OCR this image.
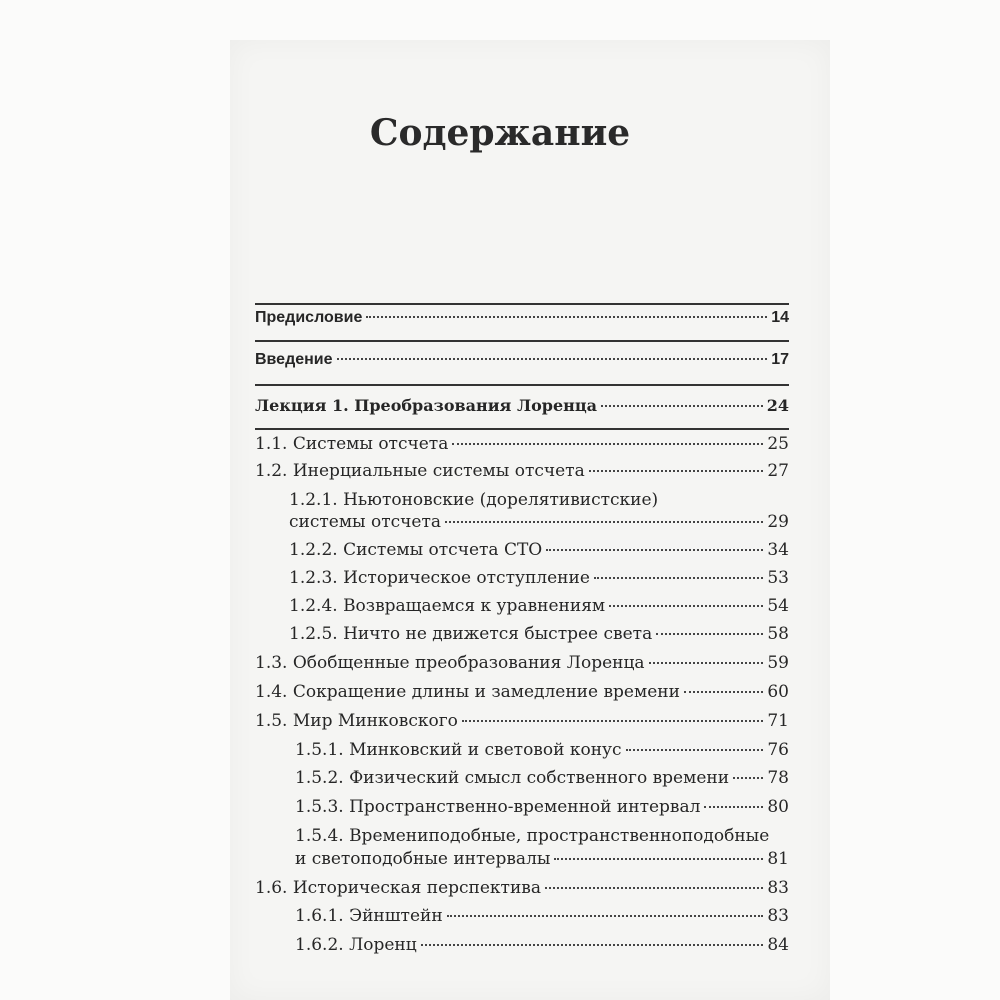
Содержание
Предисловие	14
Введение	17
Лекция 1. Преобразования Лоренца	24
1.1. Системы отсчета	25
1.2. Инерциальные системы отсчета	27
1.2.1. Ньютоновские (дорелятивистские)
системы отсчета	29
1.2.2. Системы отсчета СТО	34
1.2.3. Историческое отступление	53
1.2.4. Возвращаемся к уравнениям	54
1.2.5. Ничто не движется быстрее света	58
1.3. Обобщенные преобразования Лоренца	59
1.4. Сокращение длины и замедление времени	60
1.5. Мир Минковского	71
1.5.1. Минковский и световой конус	76
1.5.2. Физический смысл собственного времени 78
1.5.3. Пространственно-временной интервал	80
1.5.4. Времениподобные, пространственноподобные
и светоподобные интервалы	81
1.6. Историческая перспектива	83
1.6.1. Эйнштейн	83
1.6.2. Лоренц	84
